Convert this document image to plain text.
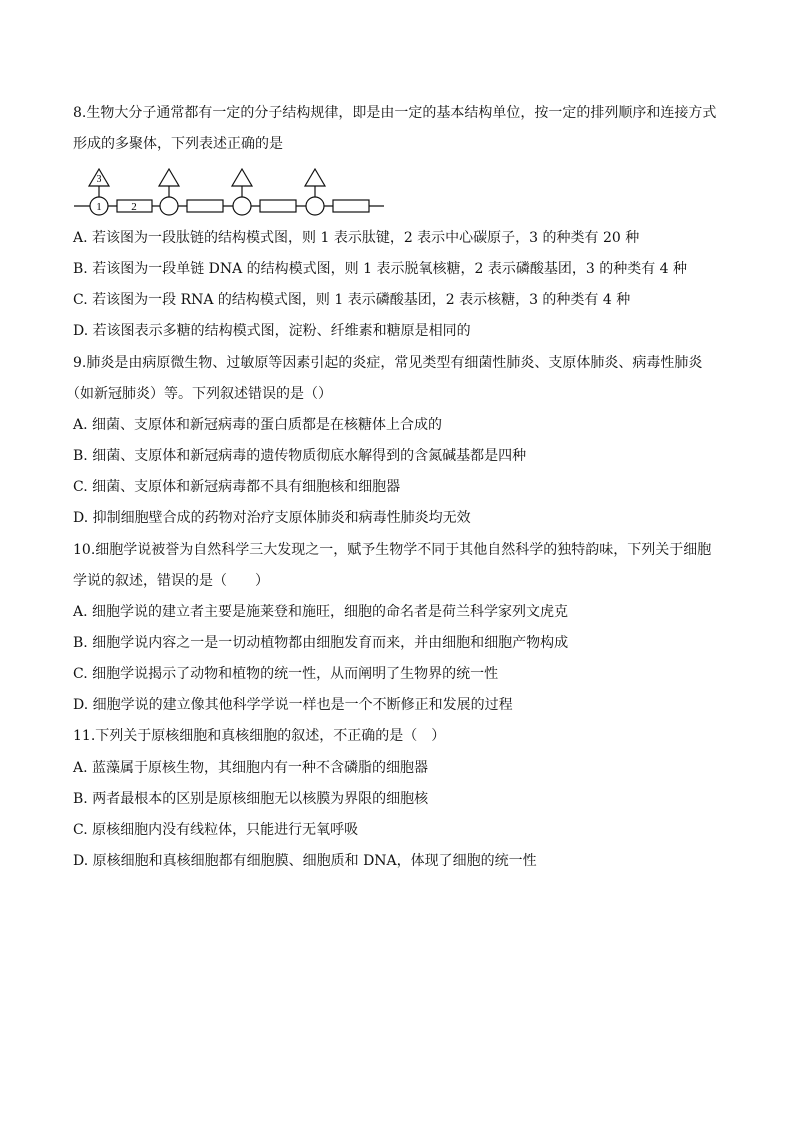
8.生物大分子通常都有一定的分子结构规律，即是由一定的基本结构单位，按一定的排列顺序和连接方式
形成的多聚体，下列表述正确的是
3
1	2
A. 若该图为一段肽链的结构模式图，则 1 表示肽键，2 表示中心碳原子，3 的种类有 20 种
B. 若该图为一段单链 DNA 的结构模式图，则 1 表示脱氧核糖，2 表示磷酸基团，3 的种类有 4 种
C. 若该图为一段 RNA 的结构模式图，则 1 表示磷酸基团，2 表示核糖，3 的种类有 4 种
D. 若该图表示多糖的结构模式图，淀粉、纤维素和糖原是相同的
9.肺炎是由病原微生物、过敏原等因素引起的炎症，常见类型有细菌性肺炎、支原体肺炎、病毒性肺炎
（如新冠肺炎）等。下列叙述错误的是（）
A. 细菌、支原体和新冠病毒的蛋白质都是在核糖体上合成的
B. 细菌、支原体和新冠病毒的遗传物质彻底水解得到的含氮碱基都是四种
C. 细菌、支原体和新冠病毒都不具有细胞核和细胞器
D. 抑制细胞壁合成的药物对治疗支原体肺炎和病毒性肺炎均无效
10.细胞学说被誉为自然科学三大发现之一，赋予生物学不同于其他自然科学的独特韵味，下列关于细胞
学说的叙述，错误的是（　　）
A. 细胞学说的建立者主要是施莱登和施旺，细胞的命名者是荷兰科学家列文虎克
B. 细胞学说内容之一是一切动植物都由细胞发育而来，并由细胞和细胞产物构成
C. 细胞学说揭示了动物和植物的统一性，从而阐明了生物界的统一性
D. 细胞学说的建立像其他科学学说一样也是一个不断修正和发展的过程
11.下列关于原核细胞和真核细胞的叙述，不正确的是（　）
A. 蓝藻属于原核生物，其细胞内有一种不含磷脂的细胞器
B. 两者最根本的区别是原核细胞无以核膜为界限的细胞核
C. 原核细胞内没有线粒体，只能进行无氧呼吸
D. 原核细胞和真核细胞都有细胞膜、细胞质和 DNA，体现了细胞的统一性
